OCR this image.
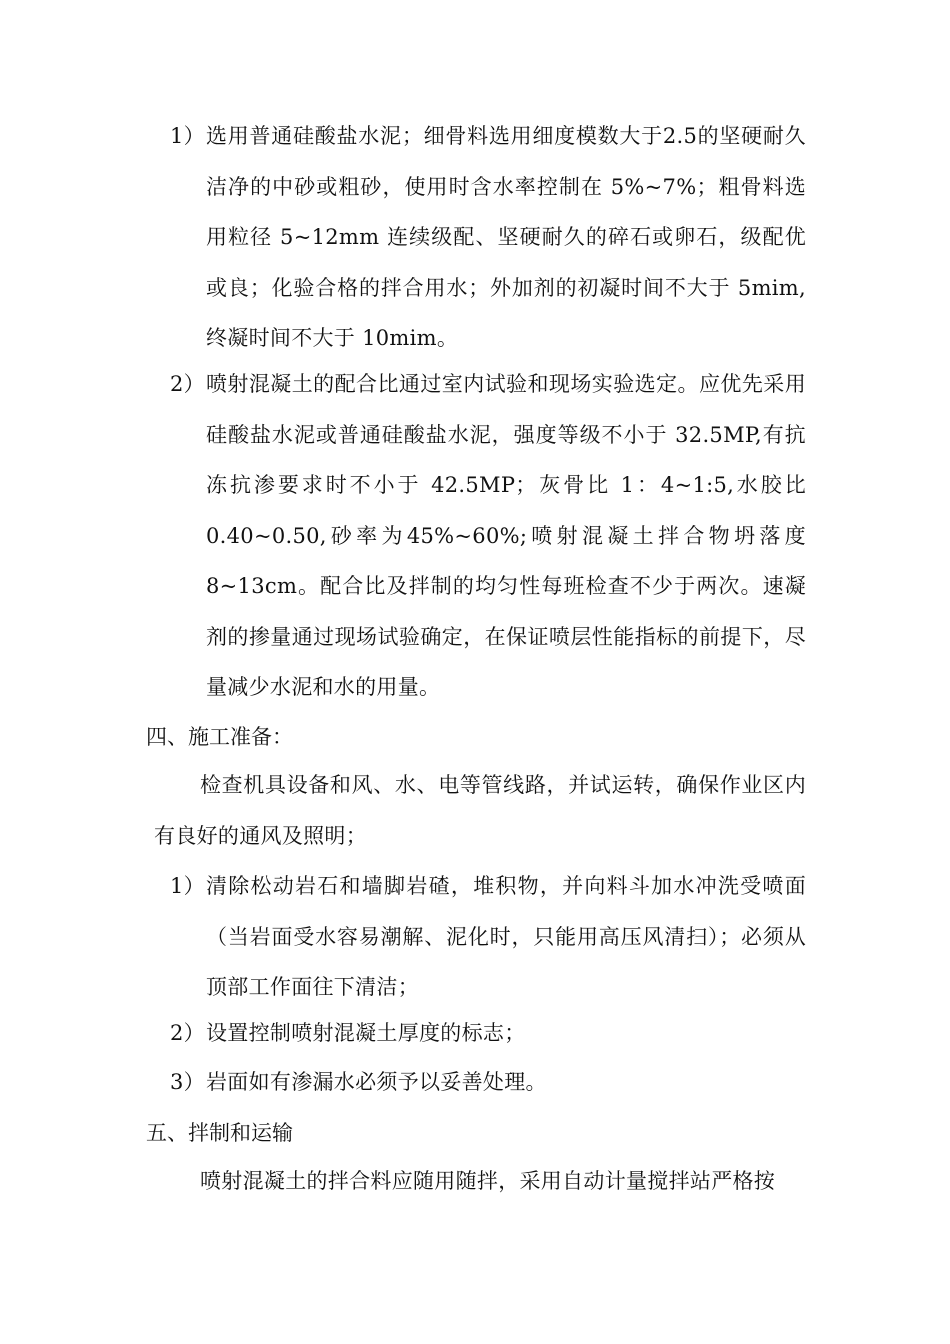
1） 选用普通硅酸盐水泥；细骨料选用细度模数大于2.5的坚硬耐久洁净的中砂或粗砂，使用时含水率控制在 5%~7%；粗骨料选用粒径 5~12mm 连续级配、坚硬耐久的碎石或卵石，级配优或良；化验合格的拌合用水；外加剂的初凝时间不大于 5mim,终凝时间不大于 10mim。
2） 喷射混凝土的配合比通过室内试验和现场实验选定。应优先采用硅酸盐水泥或普通硅酸盐水泥，强度等级不小于 32.5MP,有抗冻抗渗要求时不小于 42.5MP；灰骨比 1：4~1:5,水胶比0.40~0.50,砂率为45%~60%;喷射混凝土拌合物坍落度8~13cm。配合比及拌制的均匀性每班检查不少于两次。速凝剂的掺量通过现场试验确定，在保证喷层性能指标的前提下，尽量减少水泥和水的用量。
四、施工准备：
检查机具设备和风、水、电等管线路，并试运转，确保作业区内有良好的通风及照明；
1） 清除松动岩石和墙脚岩碴，堆积物，并向料斗加水冲洗受喷面（当岩面受水容易潮解、泥化时，只能用高压风清扫）；必须从顶部工作面往下清洁；
2） 设置控制喷射混凝土厚度的标志；
3） 岩面如有渗漏水必须予以妥善处理。
五、拌制和运输
喷射混凝土的拌合料应随用随拌，采用自动计量搅拌站严格按
